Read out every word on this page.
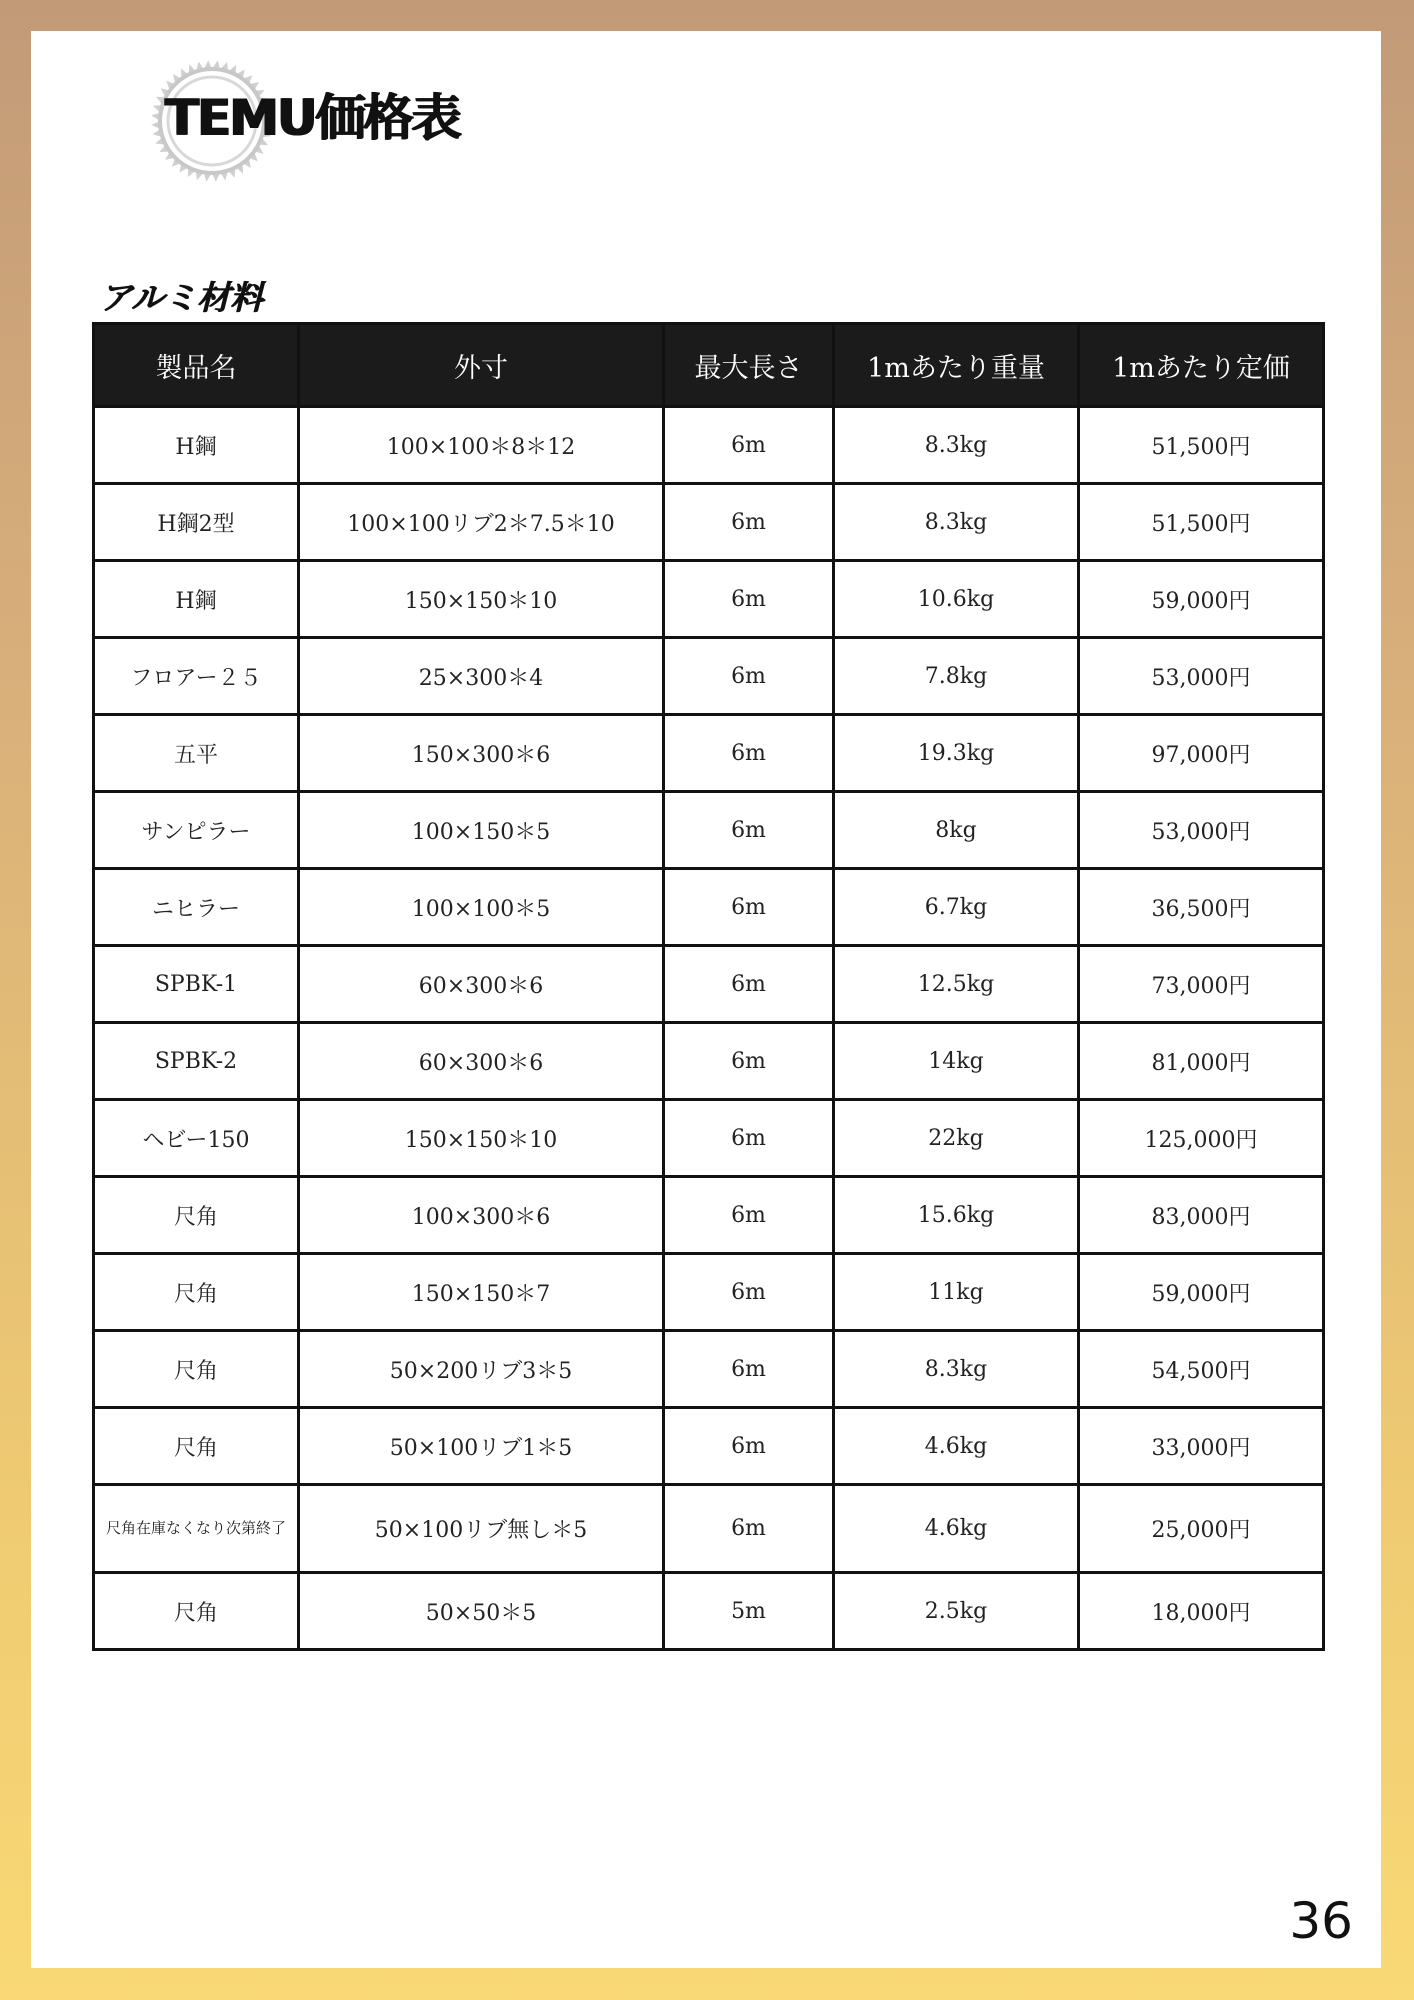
TEMU価格表
アルミ材料
製品名	外寸	最大長さ	1mあたり重量	1mあたり定価
H鋼	100×100＊8＊12	6m	8.3kg	51,500円
H鋼2型	100×100リブ2＊7.5＊10	6m	8.3kg	51,500円
H鋼	150×150＊10	6m	10.6kg	59,000円
フロアー２５	25×300＊4	6m	7.8kg	53,000円
五平	150×300＊6	6m	19.3kg	97,000円
サンピラー	100×150＊5	6m	8kg	53,000円
ニヒラー	100×100＊5	6m	6.7kg	36,500円
SPBK-1	60×300＊6	6m	12.5kg	73,000円
SPBK-2	60×300＊6	6m	14kg	81,000円
ヘビー150	150×150＊10	6m	22kg	125,000円
尺角	100×300＊6	6m	15.6kg	83,000円
尺角	150×150＊7	6m	11kg	59,000円
尺角	50×200リブ3＊5	6m	8.3kg	54,500円
尺角	50×100リブ1＊5	6m	4.6kg	33,000円
尺角在庫なくなり次第終了	50×100リブ無し＊5	6m	4.6kg	25,000円
尺角	50×50＊5	5m	2.5kg	18,000円
36
